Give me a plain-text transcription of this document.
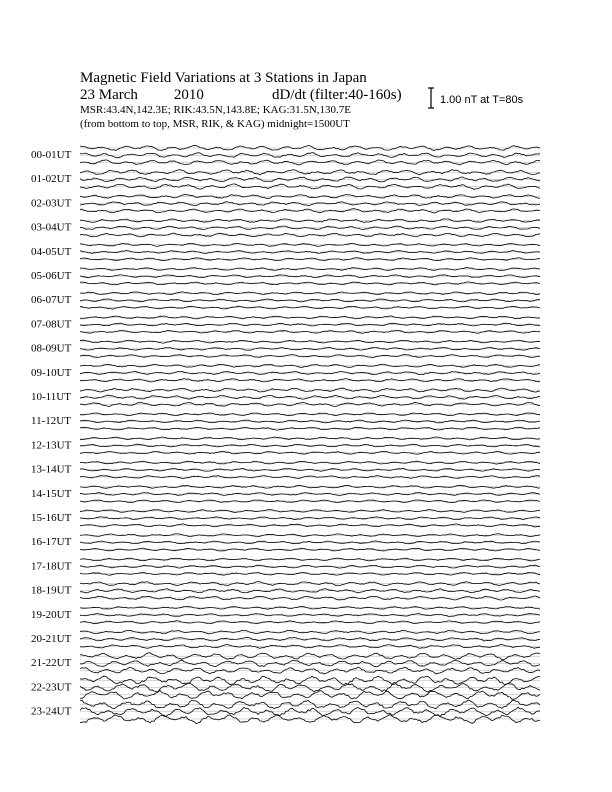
Magnetic Field Variations at 3 Stations in Japan
23 March 2010	dD/dt (filter:40-160s)
MSR:43.4N,142.3E; RIK:43.5N,143.8E; KAG:31.5N,130.7E
(from bottom to top, MSR, RIK, & KAG) midnight=1500UT
1.00 nT at T=80s
00-01UT
01-02UT
02-03UT
03-04UT
04-05UT
05-06UT
06-07UT
07-08UT
08-09UT
09-10UT
10-11UT
11-12UT
12-13UT
13-14UT
14-15UT
15-16UT
16-17UT
17-18UT
18-19UT
19-20UT
20-21UT
21-22UT
22-23UT
23-24UT
